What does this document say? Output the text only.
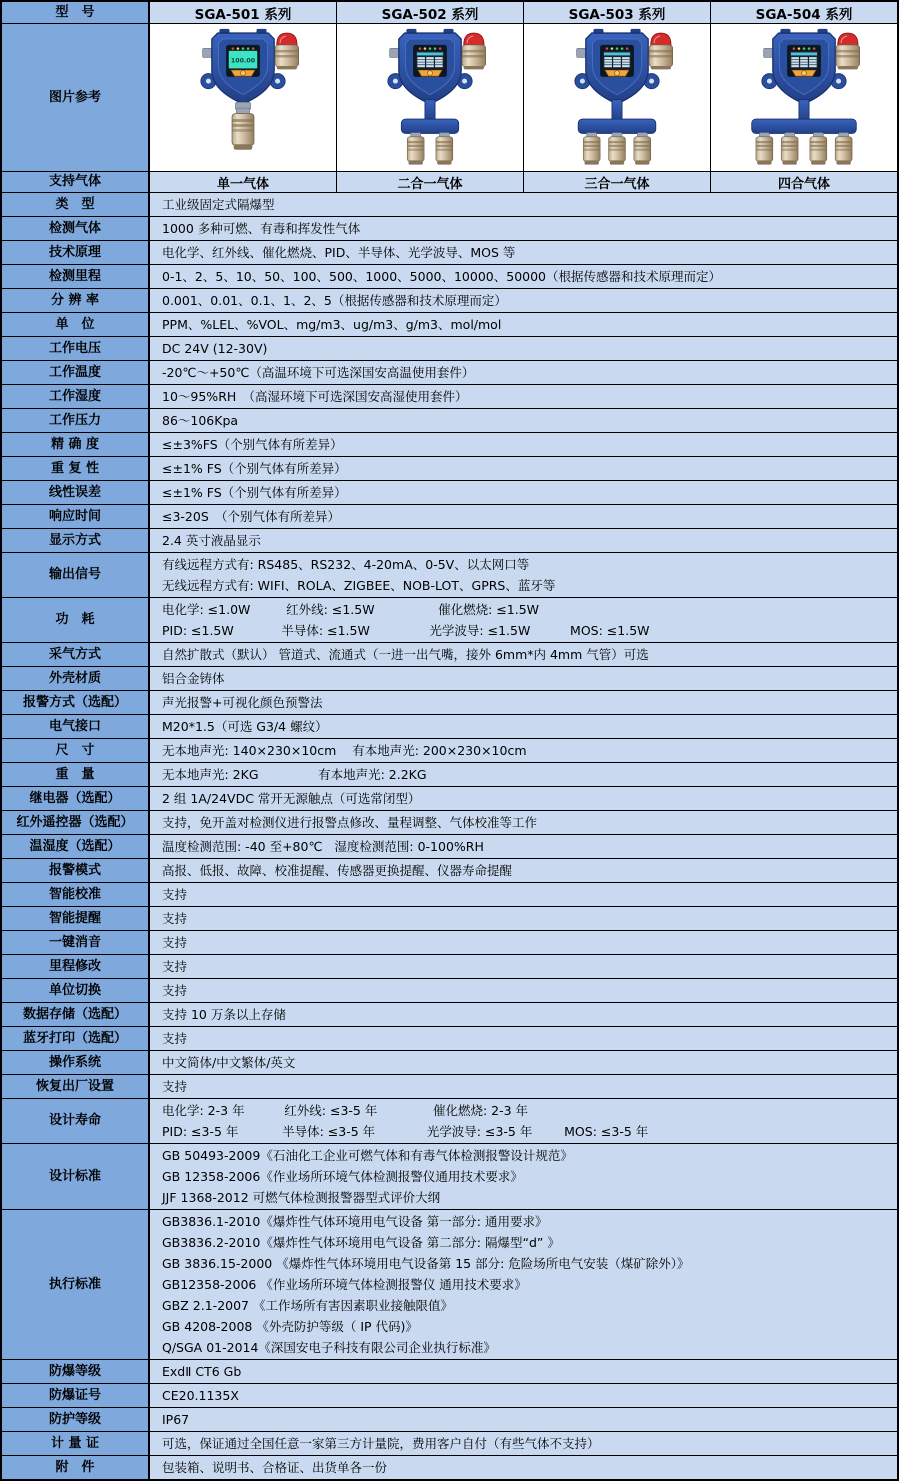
型　号	SGA-501 系列	SGA-502 系列	SGA-503 系列	SGA-504 系列
图片参考
100.00
支持气体	单一气体	二合一气体	三合一气体	四合气体
类　型	工业级固定式隔爆型
检测气体	1000 多种可燃、有毒和挥发性气体
技术原理	电化学、红外线、催化燃烧、PID、半导体、光学波导、MOS 等
检测里程	0-1、2、5、10、50、100、500、1000、5000、10000、50000（根据传感器和技术原理而定）
分 辨 率	0.001、0.01、0.1、1、2、5（根据传感器和技术原理而定）
单　位	PPM、%LEL、%VOL、mg/m3、ug/m3、g/m3、mol/mol
工作电压	DC 24V (12-30V)
工作温度	-20℃～+50℃（高温环境下可选深国安高温使用套件）
工作湿度	10～95%RH　（高湿环境下可选深国安高湿使用套件）
工作压力	86～106Kpa
精 确 度	≤±3%FS（个别气体有所差异）
重 复 性	≤±1% FS（个别气体有所差异）
线性误差	≤±1% FS（个别气体有所差异）
响应时间	≤3-20S　（个别气体有所差异）
显示方式	2.4 英寸液晶显示
输出信号
有线远程方式有: RS485、RS232、4-20mA、0-5V、以太网口等
无线远程方式有: WIFI、ROLA、ZIGBEE、NOB-LOT、GPRS、蓝牙等
功　耗
电化学: ≤1.0W         红外线: ≤1.5W                催化燃烧: ≤1.5W
PID: ≤1.5W            半导体: ≤1.5W               光学波导: ≤1.5W          MOS: ≤1.5W
采气方式	自然扩散式（默认） 管道式、流通式（一进一出气嘴，接外 6mm*内 4mm 气管）可选
外壳材质	铝合金铸体
报警方式（选配）	声光报警+可视化颜色预警法
电气接口	M20*1.5（可选 G3/4 螺纹）
尺　寸	无本地声光: 140×230×10cm    有本地声光: 200×230×10cm
重　量	无本地声光: 2KG               有本地声光: 2.2KG
继电器（选配）	2 组 1A/24VDC 常开无源触点（可选常闭型）
红外遥控器（选配）	支持，免开盖对检测仪进行报警点修改、量程调整、气体校准等工作
温湿度（选配）	温度检测范围: -40 至+80℃   湿度检测范围: 0-100%RH
报警模式	高报、低报、故障、校准提醒、传感器更换提醒、仪器寿命提醒
智能校准	支持
智能提醒	支持
一键消音	支持
里程修改	支持
单位切换	支持
数据存储（选配）	支持 10 万条以上存储
蓝牙打印（选配）	支持
操作系统	中文简体/中文繁体/英文
恢复出厂设置	支持
设计寿命
电化学: 2-3 年          红外线: ≤3-5 年              催化燃烧: 2-3 年
PID: ≤3-5 年           半导体: ≤3-5 年             光学波导: ≤3-5 年        MOS: ≤3-5 年
设计标准
GB 50493-2009《石油化工企业可燃气体和有毒气体检测报警设计规范》
GB 12358-2006《作业场所环境气体检测报警仪通用技术要求》
JJF 1368-2012 可燃气体检测报警器型式评价大纲
执行标准
GB3836.1-2010《爆炸性气体环境用电气设备 第一部分: 通用要求》
GB3836.2-2010《爆炸性气体环境用电气设备 第二部分: 隔爆型“d” 》
GB 3836.15-2000 《爆炸性气体环境用电气设备第 15 部分: 危险场所电气安装（煤矿除外）》
GB12358-2006 《作业场所环境气体检测报警仪 通用技术要求》
GBZ 2.1-2007 《工作场所有害因素职业接触限值》
GB 4208-2008 《外壳防护等级（ IP 代码)》
Q/SGA 01-2014《深国安电子科技有限公司企业执行标准》
防爆等级	ExdⅡ CT6 Gb
防爆证号	CE20.1135X
防护等级	IP67
计 量 证	可选，保证通过全国任意一家第三方计量院，费用客户自付（有些气体不支持）
附　件	包装箱、说明书、合格证、出货单各一份
